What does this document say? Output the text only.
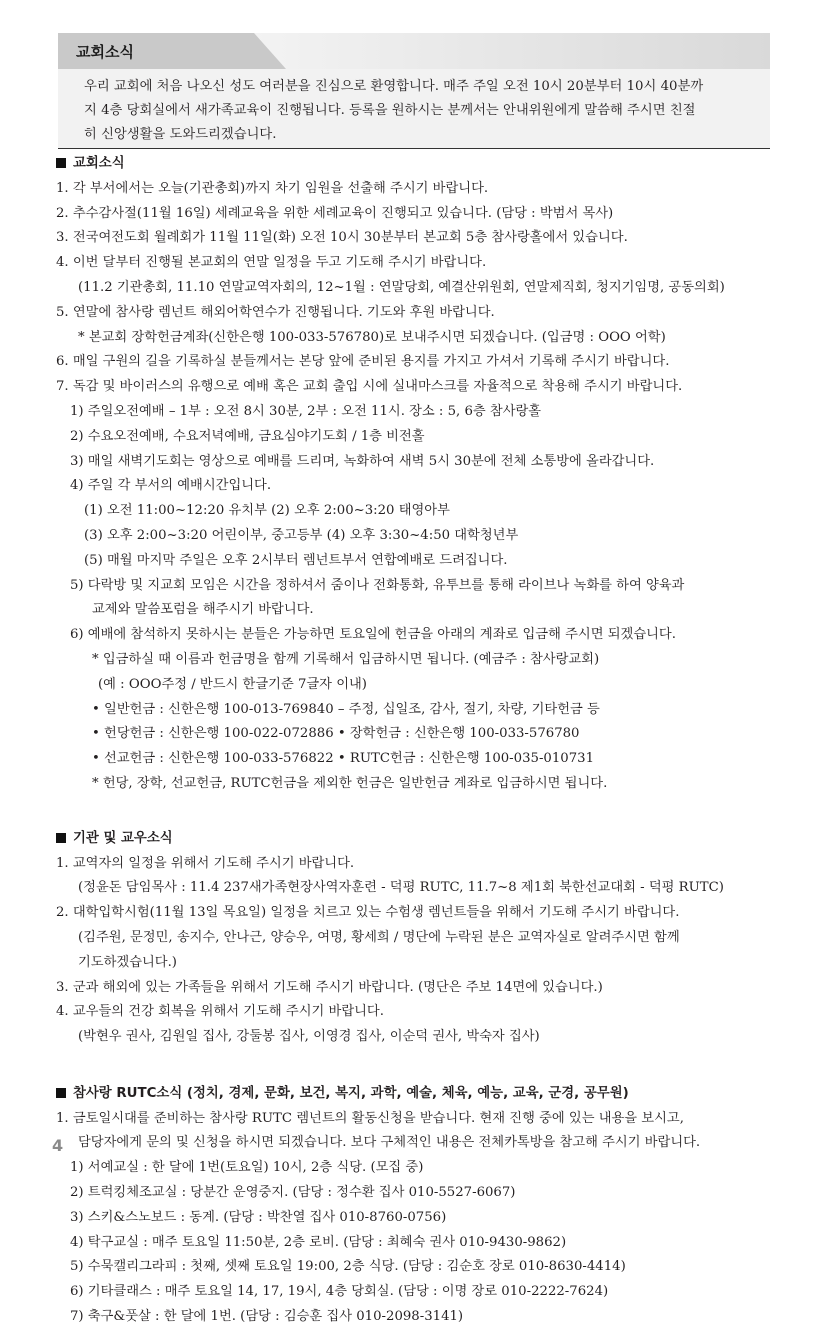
교회소식
우리 교회에 처음 나오신 성도 여러분을 진심으로 환영합니다. 매주 주일 오전 10시 20분부터 10시 40분까
지 4층 당회실에서 새가족교육이 진행됩니다. 등록을 원하시는 분께서는 안내위원에게 말씀해 주시면 친절
히 신앙생활을 도와드리겠습니다.
교회소식
1. 각 부서에서는 오늘(기관총회)까지 차기 임원을 선출해 주시기 바랍니다.
2. 추수감사절(11월 16일) 세례교육을 위한 세례교육이 진행되고 있습니다. (담당 : 박범서 목사)
3. 전국여전도회 월례회가 11월 11일(화) 오전 10시 30분부터 본교회 5층 참사랑홀에서 있습니다.
4. 이번 달부터 진행될 본교회의 연말 일정을 두고 기도해 주시기 바랍니다.
(11.2 기관총회, 11.10 연말교역자회의, 12~1월 : 연말당회, 예결산위원회, 연말제직회, 청지기임명, 공동의회)
5. 연말에 참사랑 렘넌트 해외어학연수가 진행됩니다. 기도와 후원 바랍니다.
* 본교회 장학헌금계좌(신한은행 100-033-576780)로 보내주시면 되겠습니다. (입금명 : OOO 어학)
6. 매일 구원의 길을 기록하실 분들께서는 본당 앞에 준비된 용지를 가지고 가셔서 기록해 주시기 바랍니다.
7. 독감 및 바이러스의 유행으로 예배 혹은 교회 출입 시에 실내마스크를 자율적으로 착용해 주시기 바랍니다.
1) 주일오전예배 – 1부 : 오전 8시 30분, 2부 : 오전 11시. 장소 : 5, 6층 참사랑홀
2) 수요오전예배, 수요저녁예배, 금요심야기도회 / 1층 비전홀
3) 매일 새벽기도회는 영상으로 예배를 드리며, 녹화하여 새벽 5시 30분에 전체 소통방에 올라갑니다.
4) 주일 각 부서의 예배시간입니다.
(1) 오전 11:00~12:20 유치부 (2) 오후 2:00~3:20 태영아부
(3) 오후 2:00~3:20 어린이부, 중고등부 (4) 오후 3:30~4:50 대학청년부
(5) 매월 마지막 주일은 오후 2시부터 렘넌트부서 연합예배로 드려집니다.
5) 다락방 및 지교회 모임은 시간을 정하셔서 줌이나 전화통화, 유투브를 통해 라이브나 녹화를 하여 양육과
교제와 말씀포럼을 해주시기 바랍니다.
6) 예배에 참석하지 못하시는 분들은 가능하면 토요일에 헌금을 아래의 계좌로 입금해 주시면 되겠습니다.
* 입금하실 때 이름과 헌금명을 함께 기록해서 입금하시면 됩니다. (예금주 : 참사랑교회)
(예 : OOO주정 / 반드시 한글기준 7글자 이내)
• 일반헌금 : 신한은행 100-013-769840 – 주정, 십일조, 감사, 절기, 차량, 기타헌금 등
• 헌당헌금 : 신한은행 100-022-072886 • 장학헌금 : 신한은행 100-033-576780
• 선교헌금 : 신한은행 100-033-576822 • RUTC헌금 : 신한은행 100-035-010731
* 헌당, 장학, 선교헌금, RUTC헌금을 제외한 헌금은 일반헌금 계좌로 입금하시면 됩니다.
기관 및 교우소식
1. 교역자의 일정을 위해서 기도해 주시기 바랍니다.
(정윤돈 담임목사 : 11.4 237새가족현장사역자훈련 - 덕평 RUTC, 11.7~8 제1회 북한선교대회 - 덕평 RUTC)
2. 대학입학시험(11월 13일 목요일) 일정을 치르고 있는 수험생 렘넌트들을 위해서 기도해 주시기 바랍니다.
(김주원, 문정민, 송지수, 안나근, 양승우, 여명, 황세희 / 명단에 누락된 분은 교역자실로 알려주시면 함께
기도하겠습니다.)
3. 군과 해외에 있는 가족들을 위해서 기도해 주시기 바랍니다. (명단은 주보 14면에 있습니다.)
4. 교우들의 건강 회복을 위해서 기도해 주시기 바랍니다.
(박현우 권사, 김원일 집사, 강둘봉 집사, 이영경 집사, 이순덕 권사, 박숙자 집사)
참사랑 RUTC소식 (정치, 경제, 문화, 보건, 복지, 과학, 예술, 체육, 예능, 교육, 군경, 공무원)
1. 금토일시대를 준비하는 참사랑 RUTC 렘넌트의 활동신청을 받습니다. 현재 진행 중에 있는 내용을 보시고,
담당자에게 문의 및 신청을 하시면 되겠습니다. 보다 구체적인 내용은 전체카톡방을 참고해 주시기 바랍니다.
1) 서예교실 : 한 달에 1번(토요일) 10시, 2층 식당. (모집 중)
2) 트럭킹체조교실 : 당분간 운영중지. (담당 : 정수환 집사 010-5527-6067)
3) 스키&스노보드 : 동계. (담당 : 박찬열 집사 010-8760-0756)
4) 탁구교실 : 매주 토요일 11:50분, 2층 로비. (담당 : 최혜숙 권사 010-9430-9862)
5) 수묵캘리그라피 : 첫째, 셋째 토요일 19:00, 2층 식당. (담당 : 김순호 장로 010-8630-4414)
6) 기타클래스 : 매주 토요일 14, 17, 19시, 4층 당회실. (담당 : 이명 장로 010-2222-7624)
7) 축구&풋살 : 한 달에 1번. (담당 : 김승훈 집사 010-2098-3141)
4
